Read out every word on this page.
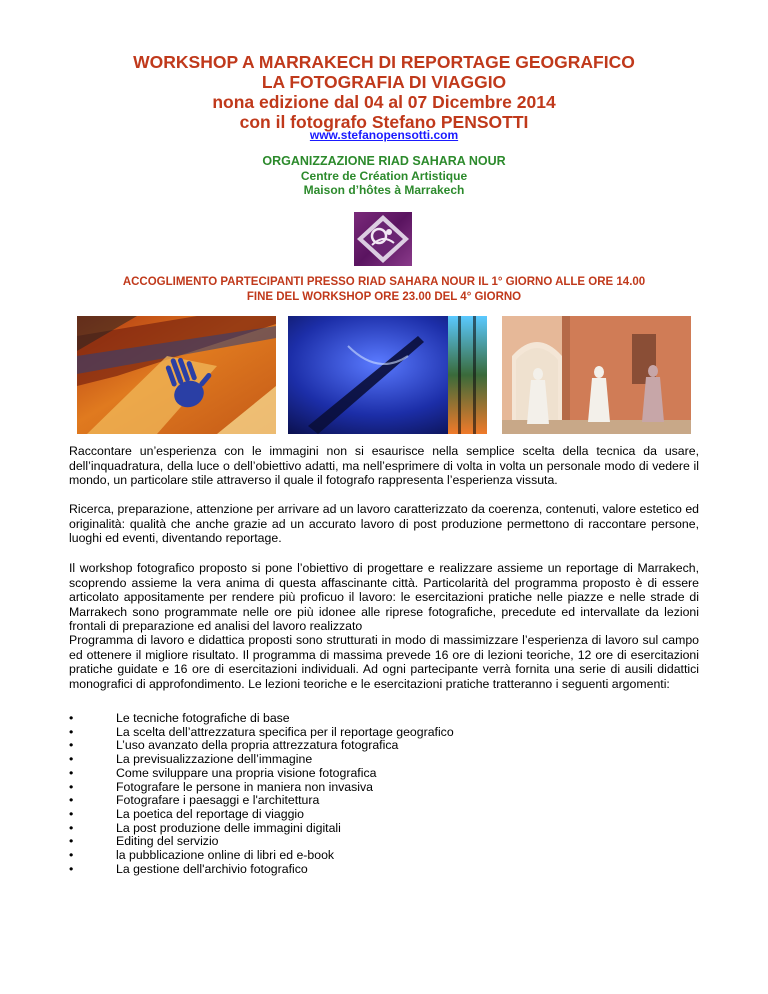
WORKSHOP A MARRAKECH DI REPORTAGE GEOGRAFICO
LA FOTOGRAFIA DI VIAGGIO
nona edizione dal 04 al 07 Dicembre 2014
con il fotografo Stefano PENSOTTI
www.stefanopensotti.com
ORGANIZZAZIONE RIAD SAHARA NOUR
Centre de Création Artistique
Maison d’hôtes à Marrakech
ACCOGLIMENTO PARTECIPANTI PRESSO RIAD SAHARA NOUR IL 1° GIORNO ALLE ORE 14.00
FINE DEL WORKSHOP ORE 23.00 DEL 4° GIORNO
Raccontare un’esperienza con le immagini non si esaurisce nella semplice scelta della tecnica da usare, dell’inquadratura, della luce o dell’obiettivo adatti, ma nell’esprimere di volta in volta un personale modo di vedere il mondo, un particolare stile attraverso il quale il fotografo rappresenta l’esperienza vissuta.
Ricerca, preparazione, attenzione per arrivare ad un lavoro caratterizzato da coerenza, contenuti, valore estetico ed originalità: qualità che anche grazie ad un accurato lavoro di post produzione permettono di raccontare persone, luoghi ed eventi, diventando reportage.
Il workshop fotografico proposto si pone l’obiettivo di progettare e realizzare assieme un reportage di Marrakech, scoprendo assieme la vera anima di questa affascinante città. Particolarità del programma proposto è di essere articolato appositamente per rendere più proficuo il lavoro: le esercitazioni pratiche nelle piazze e nelle strade di Marrakech sono programmate nelle ore più idonee alle riprese fotografiche, precedute ed intervallate da lezioni frontali di preparazione ed analisi del lavoro realizzato
Programma di lavoro e didattica proposti sono strutturati in modo di massimizzare l’esperienza di lavoro sul campo ed ottenere il migliore risultato. Il programma di massima prevede 16 ore di lezioni teoriche, 12 ore di esercitazioni pratiche guidate e 16 ore di esercitazioni individuali. Ad ogni partecipante verrà fornita una serie di ausili didattici monografici di approfondimento. Le lezioni teoriche e le esercitazioni pratiche tratteranno i seguenti argomenti:
•	Le tecniche fotografiche di base
•	La scelta dell’attrezzatura specifica per il reportage geografico
•	L’uso avanzato della propria attrezzatura fotografica
•	La previsualizzazione dell’immagine
•	Come sviluppare una propria visione fotografica
•	Fotografare le persone in maniera non invasiva
•	Fotografare i paesaggi e l'architettura
•	La poetica del reportage di viaggio
•	La post produzione delle immagini digitali
•	Editing del servizio
•	la pubblicazione online di libri ed e-book
•	La gestione dell'archivio fotografico
